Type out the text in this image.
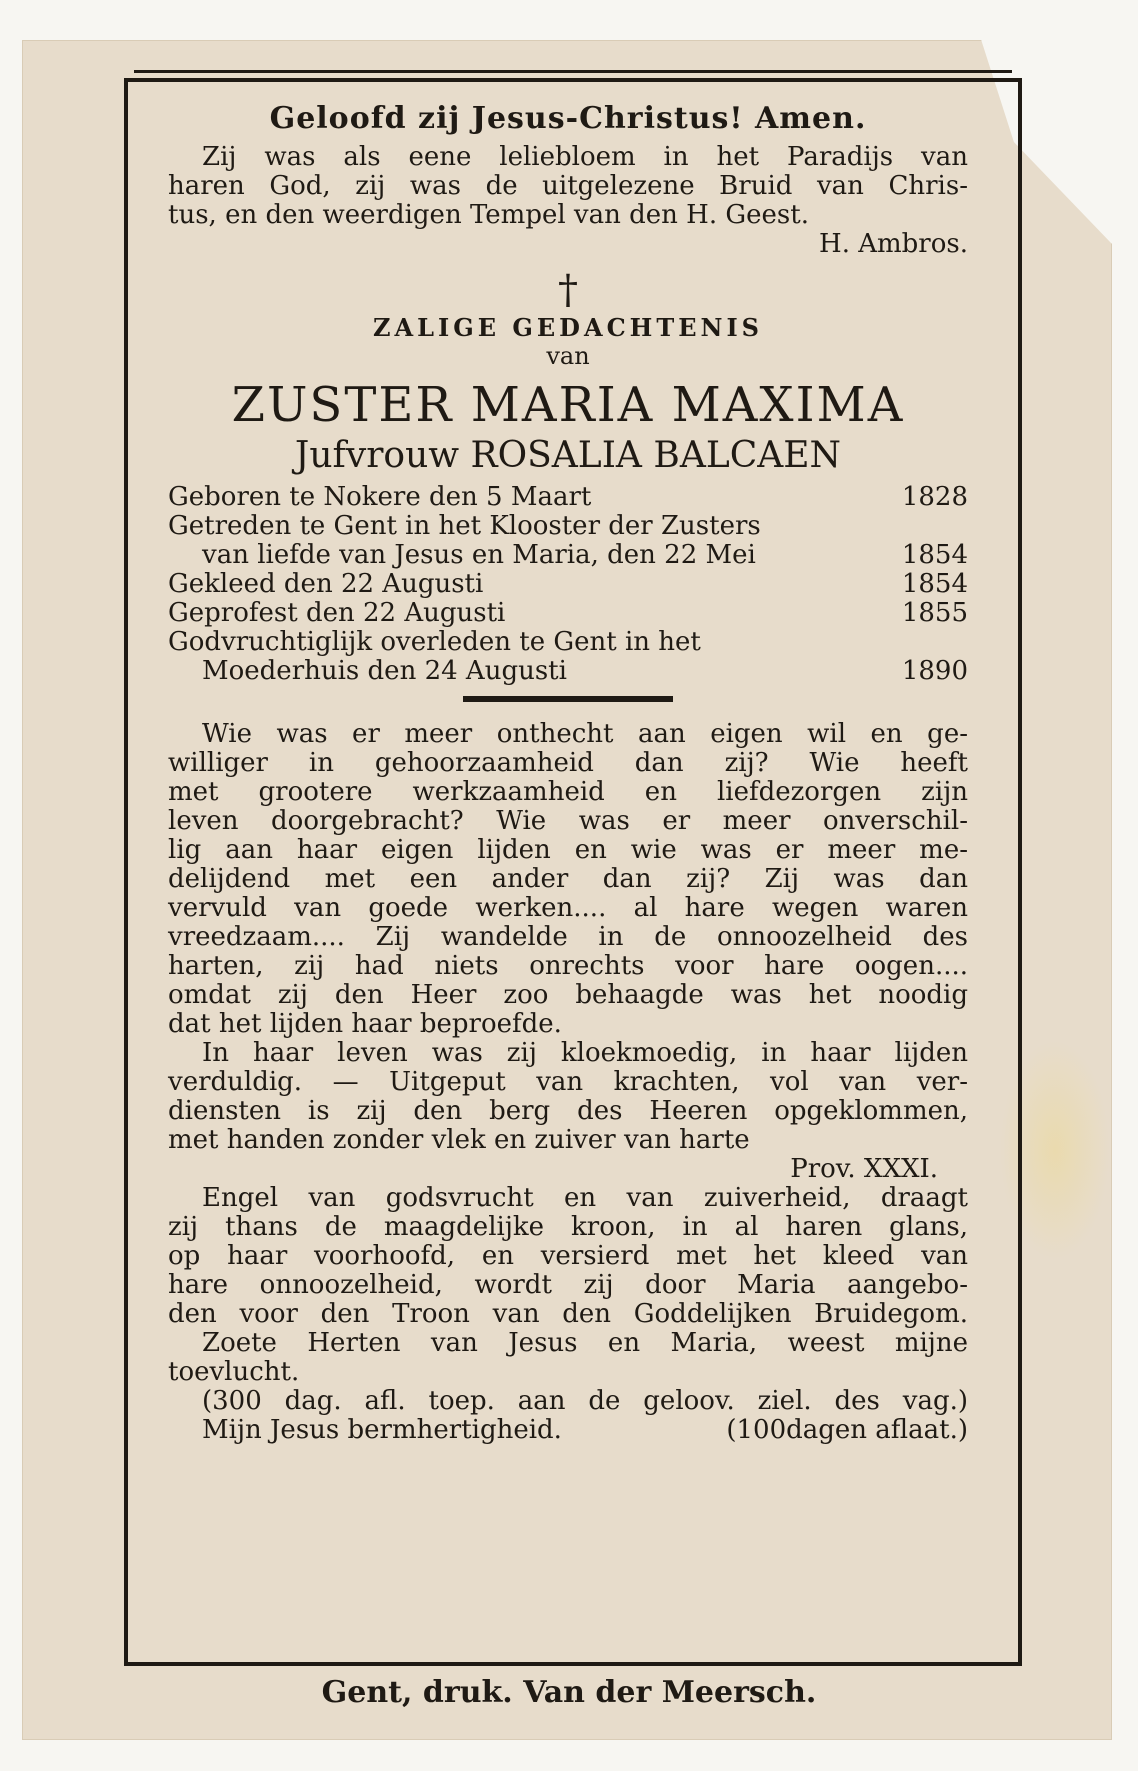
Geloofd zij Jesus-Christus! Amen.
Zij was als eene leliebloem in het Paradijs van
haren God, zij was de uitgelezene Bruid van Chris-
tus, en den weerdigen Tempel van den H. Geest.
H. Ambros.
†
ZALIGE GEDACHTENIS
van
ZUSTER MARIA MAXIMA
Jufvrouw ROSALIA BALCAEN
Geboren te Nokere den 5 Maart	1828
Getreden te Gent in het Klooster der Zusters
van liefde van Jesus en Maria, den 22 Mei	1854
Gekleed den 22 Augusti	1854
Geprofest den 22 Augusti	1855
Godvruchtiglijk overleden te Gent in het
Moederhuis den 24 Augusti	1890
Wie was er meer onthecht aan eigen wil en ge-
williger in gehoorzaamheid dan zij? Wie heeft
met grootere werkzaamheid en liefdezorgen zijn
leven doorgebracht? Wie was er meer onverschil-
lig aan haar eigen lijden en wie was er meer me-
delijdend met een ander dan zij? Zij was dan
vervuld van goede werken.... al hare wegen waren
vreedzaam.... Zij wandelde in de onnoozelheid des
harten, zij had niets onrechts voor hare oogen....
omdat zij den Heer zoo behaagde was het noodig
dat het lijden haar beproefde.
In haar leven was zij kloekmoedig, in haar lijden
verduldig. — Uitgeput van krachten, vol van ver-
diensten is zij den berg des Heeren opgeklommen,
met handen zonder vlek en zuiver van harte
Prov. XXXI.
Engel van godsvrucht en van zuiverheid, draagt
zij thans de maagdelijke kroon, in al haren glans,
op haar voorhoofd, en versierd met het kleed van
hare onnoozelheid, wordt zij door Maria aangebo-
den voor den Troon van den Goddelijken Bruidegom.
Zoete Herten van Jesus en Maria, weest mijne
toevlucht.
(300 dag. afl. toep. aan de geloov. ziel. des vag.)
Mijn Jesus bermhertigheid.	(100dagen aflaat.)
Gent, druk. Van der Meersch.
